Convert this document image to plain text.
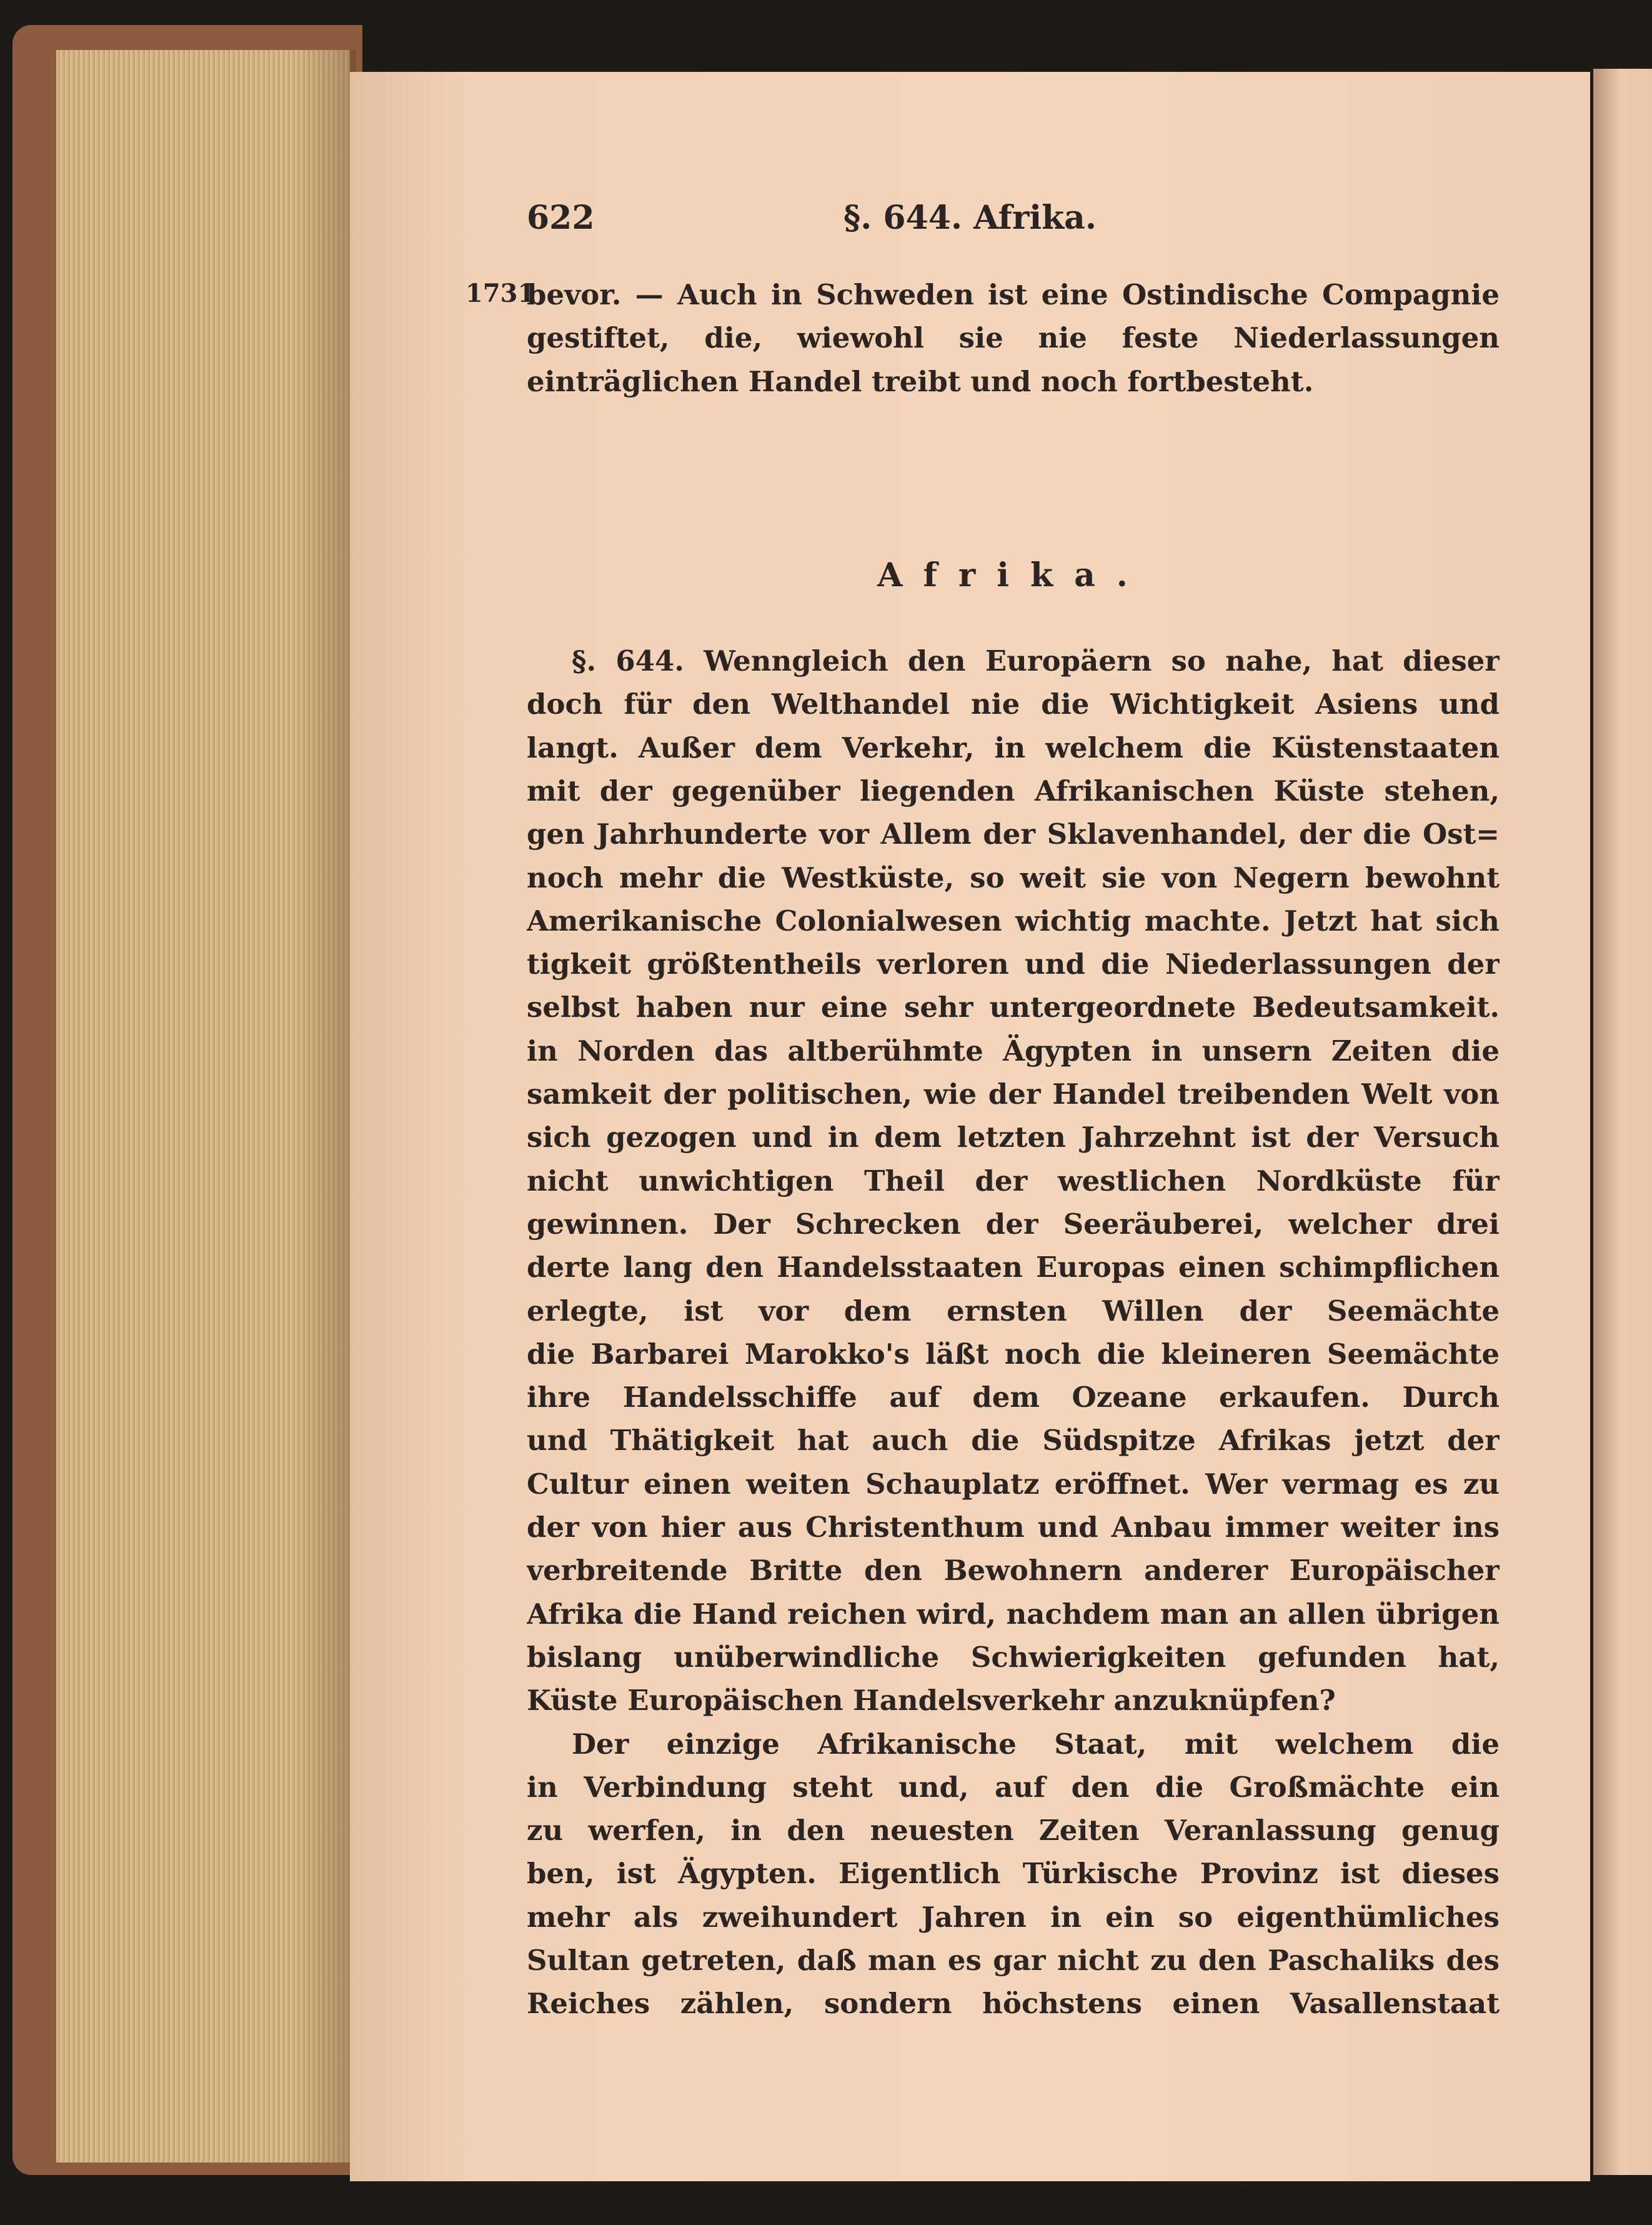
622	§. 644. Afrika.
1731
Afrika.
bevor. — Auch in Schweden ist eine Ostindische Compagnie
gestiftet, die, wiewohl sie nie feste Niederlassungen
einträglichen Handel treibt und noch fortbesteht.
§. 644. Wenngleich den Europäern so nahe, hat dieser
doch für den Welthandel nie die Wichtigkeit Asiens und
langt. Außer dem Verkehr, in welchem die Küstenstaaten
mit der gegenüber liegenden Afrikanischen Küste stehen,
gen Jahrhunderte vor Allem der Sklavenhandel, der die Ost=
noch mehr die Westküste, so weit sie von Negern bewohnt
Amerikanische Colonialwesen wichtig machte. Jetzt hat sich
tigkeit größtentheils verloren und die Niederlassungen der
selbst haben nur eine sehr untergeordnete Bedeutsamkeit.
in Norden das altberühmte Ägypten in unsern Zeiten die
samkeit der politischen, wie der Handel treibenden Welt von
sich gezogen und in dem letzten Jahrzehnt ist der Versuch
nicht unwichtigen Theil der westlichen Nordküste für
gewinnen. Der Schrecken der Seeräuberei, welcher drei
derte lang den Handelsstaaten Europas einen schimpflichen
erlegte, ist vor dem ernsten Willen der Seemächte
die Barbarei Marokko's läßt noch die kleineren Seemächte
ihre Handelsschiffe auf dem Ozeane erkaufen. Durch
und Thätigkeit hat auch die Südspitze Afrikas jetzt der
Cultur einen weiten Schauplatz eröffnet. Wer vermag es zu
der von hier aus Christenthum und Anbau immer weiter ins
verbreitende Britte den Bewohnern anderer Europäischer
Afrika die Hand reichen wird, nachdem man an allen übrigen
bislang unüberwindliche Schwierigkeiten gefunden hat,
Küste Europäischen Handelsverkehr anzuknüpfen?
Der einzige Afrikanische Staat, mit welchem die
in Verbindung steht und, auf den die Großmächte ein
zu werfen, in den neuesten Zeiten Veranlassung genug
ben, ist Ägypten. Eigentlich Türkische Provinz ist dieses
mehr als zweihundert Jahren in ein so eigenthümliches
Sultan getreten, daß man es gar nicht zu den Paschaliks des
Reiches zählen, sondern höchstens einen Vasallenstaat
